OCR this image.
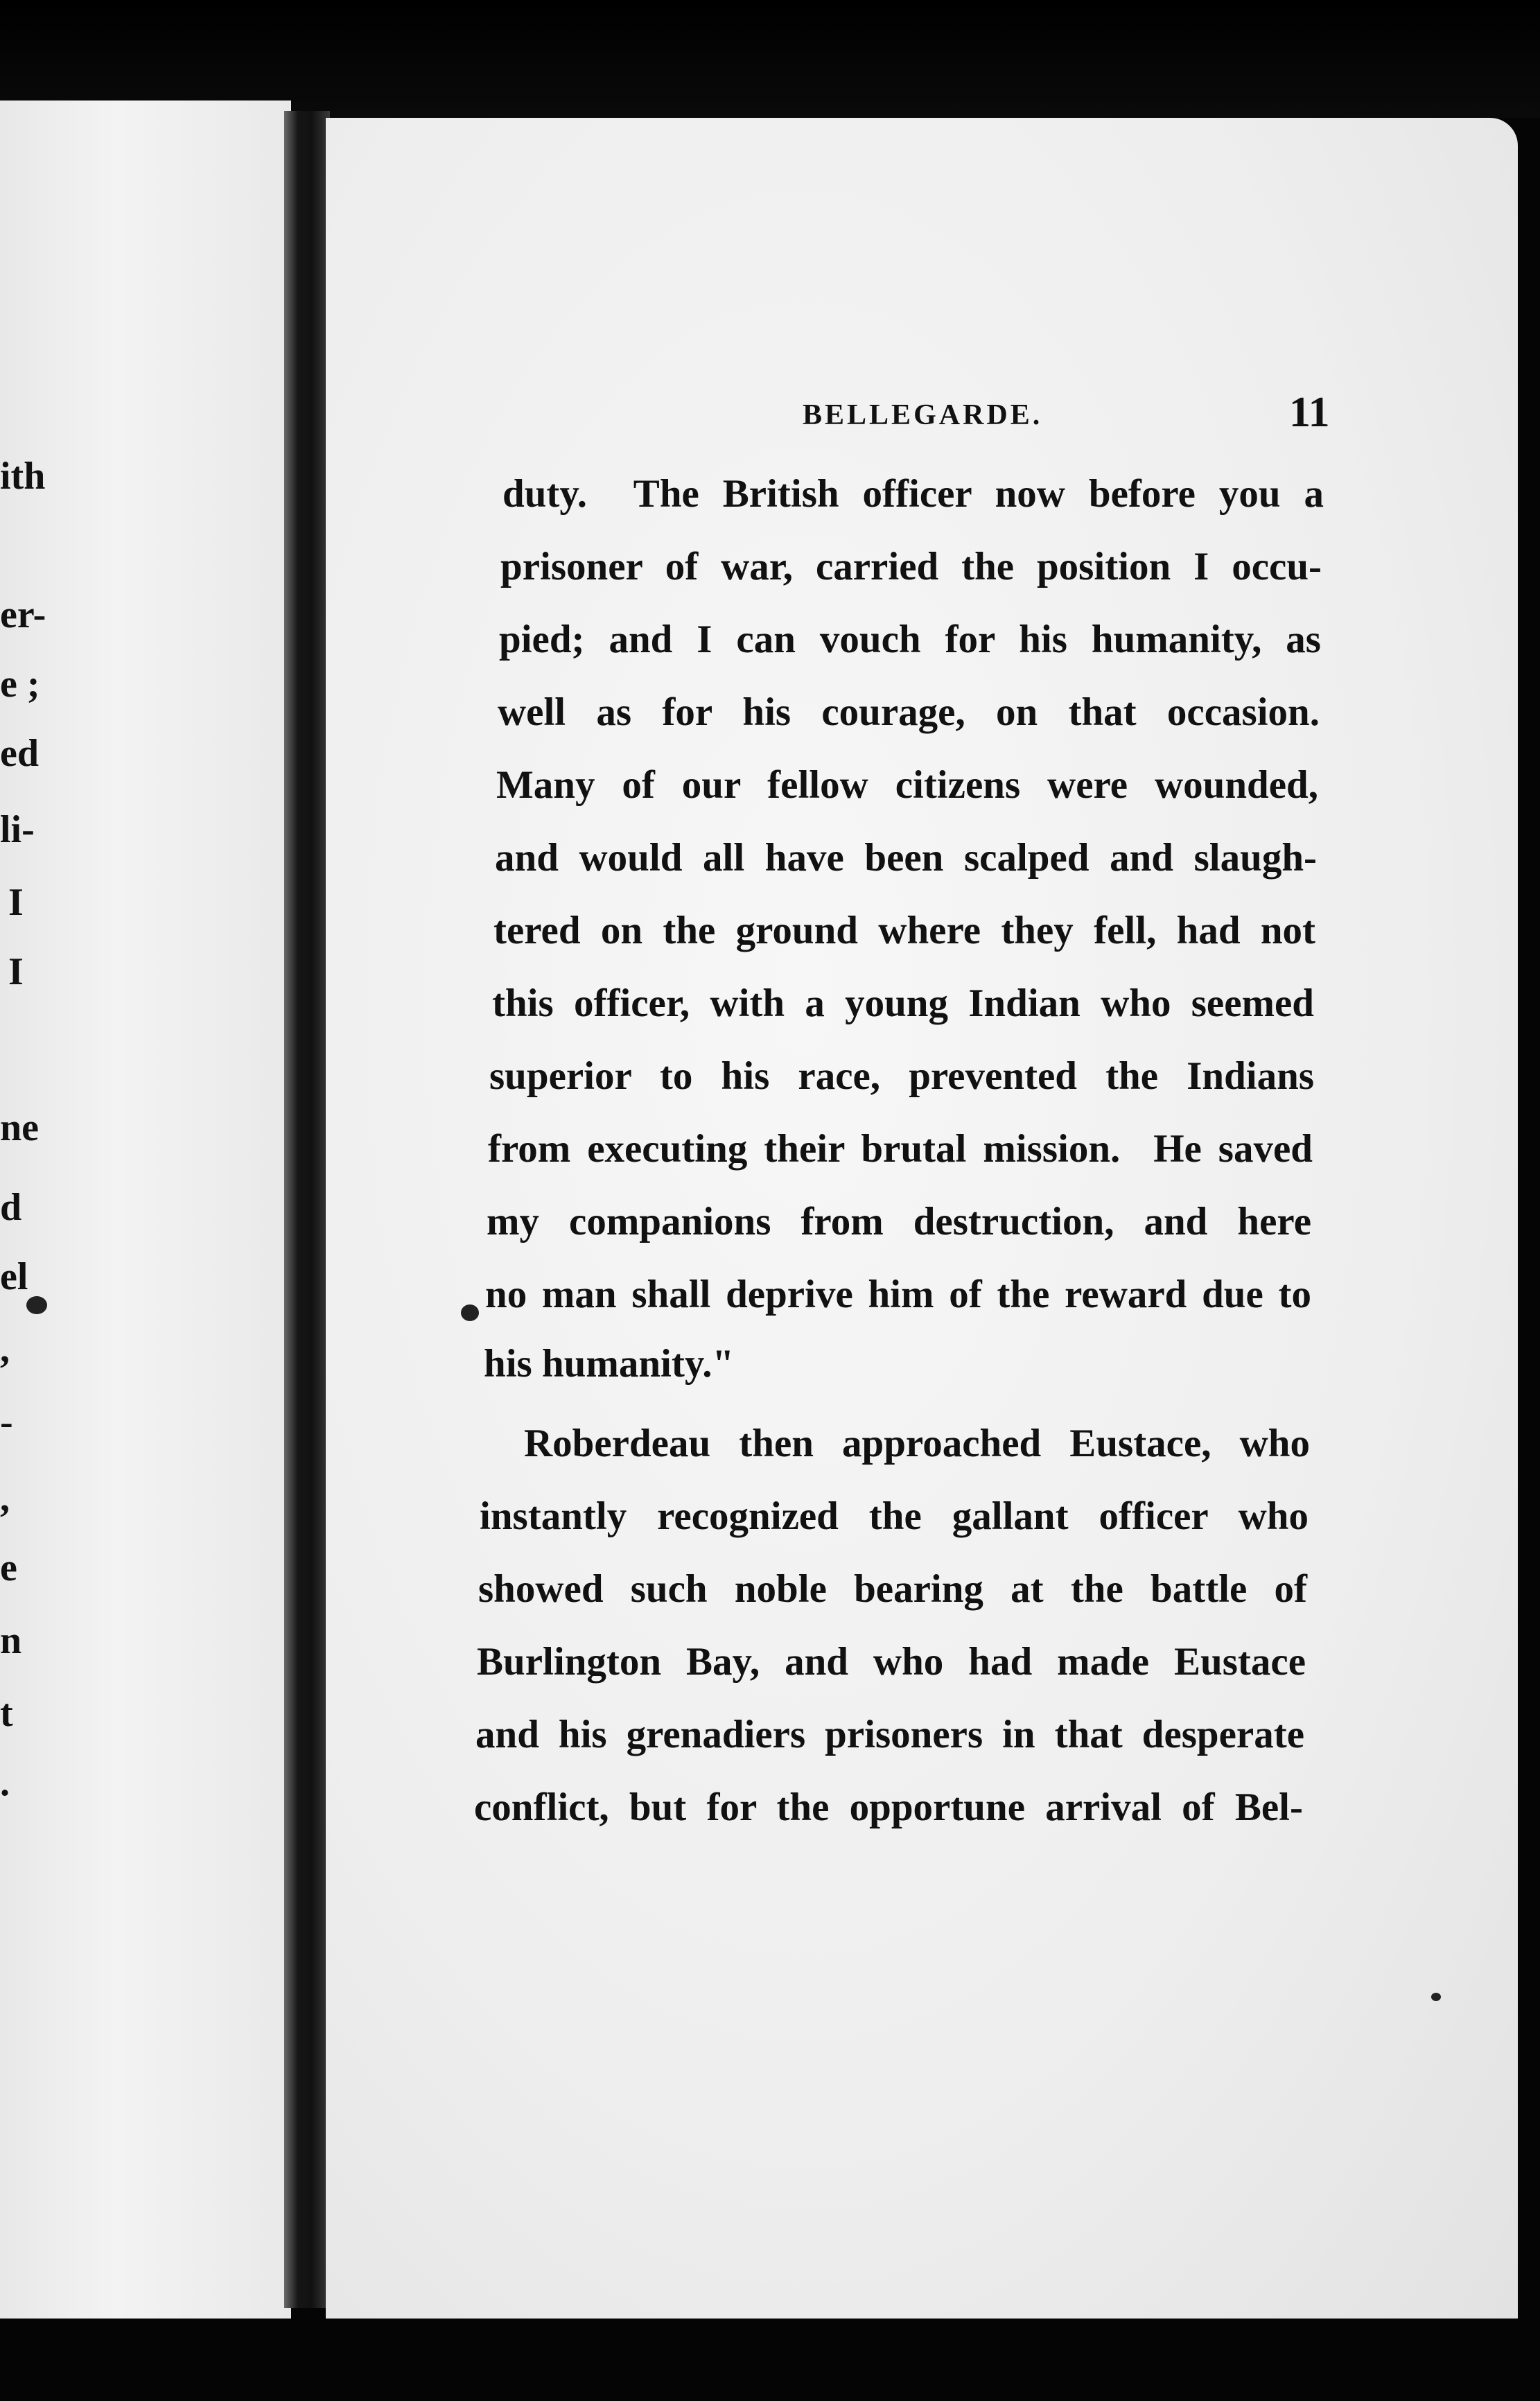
ith
er-
e ;
ed
li-
I
I
ne
d
el
,
-
,
e
n
t
.
BELLEGARDE.	11
duty.  The British officer now before you a
prisoner of war, carried the position I occu-
pied; and I can vouch for his humanity, as
well as for his courage, on that occasion.
Many of our fellow citizens were wounded,
and would all have been scalped and slaugh-
tered on the ground where they fell, had not
this officer, with a young Indian who seemed
superior to his race, prevented the Indians
from executing their brutal mission.  He saved
my companions from destruction, and here
no man shall deprive him of the reward due to
his humanity."
Roberdeau then approached Eustace, who
instantly recognized the gallant officer who
showed such noble bearing at the battle of
Burlington Bay, and who had made Eustace
and his grenadiers prisoners in that desperate
conflict, but for the opportune arrival of Bel-
